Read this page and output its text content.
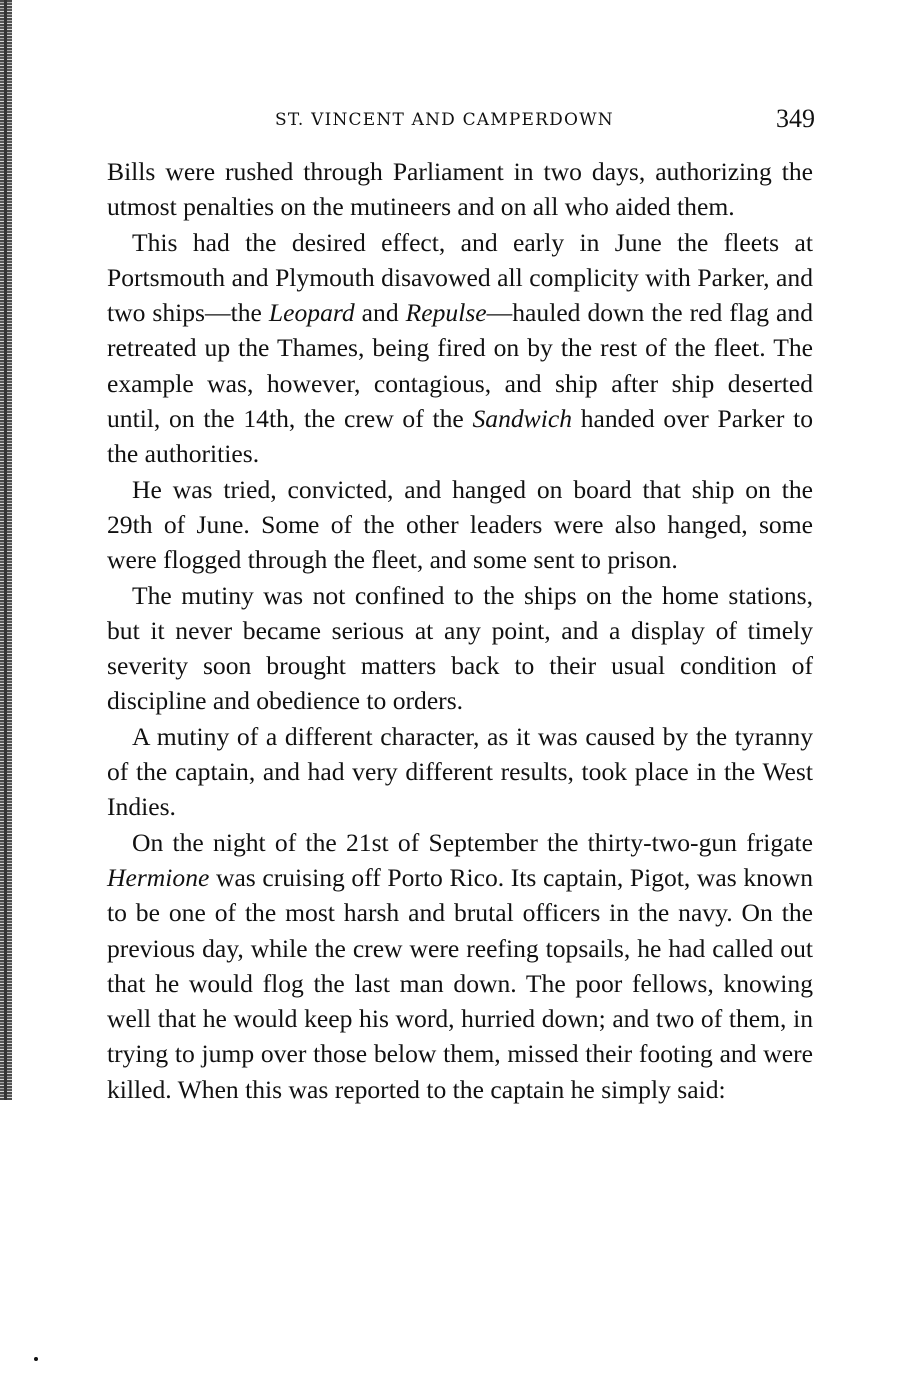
ST. VINCENT AND CAMPERDOWN	349

Bills were rushed through Parliament in two days, authorizing the utmost penalties on the mutineers and on all who aided them.

This had the desired effect, and early in June the fleets at Portsmouth and Plymouth disavowed all complicity with Parker, and two ships—the Leopard and Repulse—hauled down the red flag and retreated up the Thames, being fired on by the rest of the fleet. The example was, however, contagious, and ship after ship deserted until, on the 14th, the crew of the Sandwich handed over Parker to the authorities.

He was tried, convicted, and hanged on board that ship on the 29th of June. Some of the other leaders were also hanged, some were flogged through the fleet, and some sent to prison.

The mutiny was not confined to the ships on the home stations, but it never became serious at any point, and a display of timely severity soon brought matters back to their usual condition of discipline and obedience to orders.

A mutiny of a different character, as it was caused by the tyranny of the captain, and had very different results, took place in the West Indies.

On the night of the 21st of September the thirty-two-gun frigate Hermione was cruising off Porto Rico. Its captain, Pigot, was known to be one of the most harsh and brutal officers in the navy. On the previous day, while the crew were reefing topsails, he had called out that he would flog the last man down. The poor fellows, knowing well that he would keep his word, hurried down; and two of them, in trying to jump over those below them, missed their footing and were killed. When this was reported to the captain he simply said:
